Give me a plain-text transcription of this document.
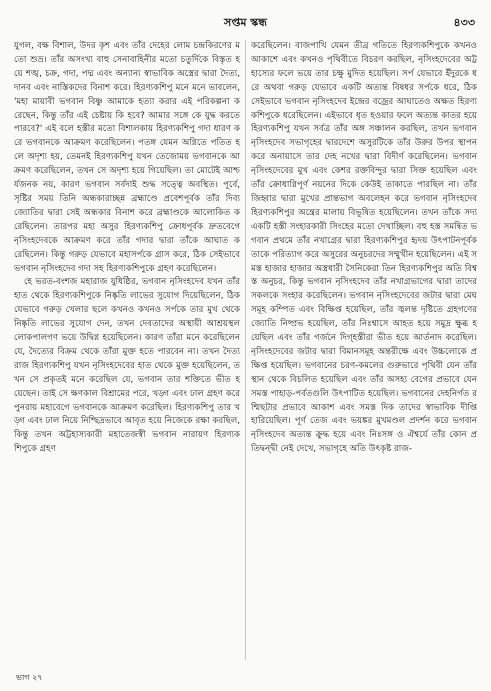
সপ্তম স্কন্ধ	৪৩৩

যুগল, বক্ষ বিশাল, উদর কৃশ এবং তাঁর দেহের লোম চন্দ্রকিরণের মতো শুভ্র। তাঁর অসংখ্য বাহু সেনাবাহিনীর মতো চতুর্দিকে বিস্তৃত হয়ে শঙ্খ, চক্র, গদা, পদ্ম এবং অন্যান্য স্বাভাবিক অস্ত্রের দ্বারা দৈত্য, দানব এবং নাস্তিকদের বিনাশ করে। হিরণ্যকশিপু মনে মনে ভাবলেন, 'মহা মায়াবী ভগবান বিষ্ণু আমাকে হত্যা করার এই পরিকল্পনা করেছেন, কিন্তু তাঁর এই চেষ্টায় কি হবে? আমার সঙ্গে কে যুদ্ধ করতে পারবে?' এই বলে হস্তীর মতো বিশালকায় হিরণ্যকশিপু গদা ধারণ করে ভগবানকে আক্রমণ করেছিলেন। পতঙ্গ যেমন অগ্নিতে পতিত হলে অদৃশ্য হয়, তেমনই হিরণ্যকশিপু যখন তেজোময় ভগবানকে আক্রমণ করেছিলেন, তখন সে অদৃশ্য হয়ে গিয়েছিল। তা মোটেই আশ্চর্যজনক নয়, কারণ ভগবান সর্বদাই শুদ্ধ সত্ত্বে অবস্থিত। পূর্বে, সৃষ্টির সময় তিনি অন্ধকারাচ্ছন্ন ব্রহ্মাণ্ডে প্রবেশপূর্বক তাঁর দিব্য জ্যোতির দ্বারা সেই অন্ধকার বিনাশ করে ব্রহ্মাণ্ডকে আলোকিত করেছিলেন। তারপর মহা অসুর হিরণ্যকশিপু ক্রোধপূর্বক দ্রুতবেগে নৃসিংহদেবকে আক্রমণ করে তাঁর গদার দ্বারা তাঁকে আঘাত করেছিলেন। কিন্তু গরুড় যেভাবে মহাসর্পকে গ্রাস করে, ঠিক সেইভাবে ভগবান নৃসিংহদেব গদা সহ হিরণ্যকশিপুকে গ্রহণ করেছিলেন।

হে ভরত-বংশজ মহারাজ যুধিষ্ঠির, ভগবান নৃসিংহদেব যখন তাঁর হাত থেকে হিরণ্যকশিপুকে নিষ্কৃতি লাভের সুযোগ দিয়েছিলেন, ঠিক যেভাবে গরুড় খেলার ছলে কখনও কখনও সর্পকে তার মুখ থেকে নিষ্কৃতি লাভের সুযোগ দেন, তখন দেবতাদের অস্থায়ী আশ্রয়স্থল লোকপালগণ ভয়ে উদ্বিগ্ন হয়েছিলেন। কারণ তাঁরা মনে করেছিলেন যে, দৈত্যের বিক্রম থেকে তাঁরা মুক্ত হতে পারবেন না। তখন দৈত্যরাজ হিরণ্যকশিপু যখন নৃসিংহদেবের হাত থেকে মুক্ত হয়েছিলেন, তখন সে প্রকৃতই মনে করেছিল যে, ভগবান তার শক্তিতে ভীত হয়েছেন। তাই সে ক্ষণকাল বিশ্রামের পরে, খড়্গ এবং ঢাল গ্রহণ করে পুনরায় মহাবেগে ভগবানকে আক্রমণ করেছিল। হিরণ্যকশিপু তার খড়্গ এবং ঢাল নিয়ে নিশ্ছিদ্রভাবে আবৃত হয়ে নিজেকে রক্ষা করছিল, কিন্তু তখন অট্টহাস্যকারী মহাতেজস্বী ভগবান নারায়ণ হিরণ্যকশিপুকে গ্রহণ

করেছিলেন। বাজপাখি যেমন তীব্র গতিতে হিরণ্যকশিপুকে কখনও আকাশে এবং কখনও পৃথিবীতে বিচরণ করছিল, নৃসিংহদেবের অট্টহাস্যের ফলে ভয়ে তার চক্ষু মুদিত হয়েছিল। সর্প যেভাবে ইঁদুরকে ধরে অথবা গরুড় যেভাবে একটি অত্যন্ত বিষধর সর্পকে ধরে, ঠিক সেইভাবে ভগবান নৃসিংহদেব ইন্দ্রের বজ্রের আঘাতেও অক্ষত হিরণ্যকশিপুকে ধরেছিলেন। এইভাবে ধৃত হওয়ার ফলে অত্যন্ত কাতর হয়ে হিরণ্যকশিপু যখন সর্বত্র তাঁর অঙ্গ সঞ্চালন করছিল, তখন ভগবান নৃসিংহদেব সভাগৃহের দ্বারদেশে অসুরটিকে তাঁর উরুর উপর স্থাপন করে অনায়াসে তার দেহ নখের দ্বারা বিদীর্ণ করেছিলেন। ভগবান নৃসিংহদেবের মুখ এবং কেশর রক্তবিন্দুর দ্বারা সিক্ত হয়েছিল এবং তাঁর ক্রোধাগ্নিপূর্ণ নয়নের দিকে কেউই তাকাতে পারছিল না। তাঁর জিহ্বার দ্বারা মুখের প্রান্তভাগ অবলেহন করে ভগবান নৃসিংহদেব হিরণ্যকশিপুর অন্ত্রের মালায় বিভূষিত হয়েছিলেন। তখন তাঁকে সদ্য একটি হস্তী সংহারকারী সিংহের মতো দেখাচ্ছিল। বহু হস্ত সমন্বিত ভগবান প্রথমে তাঁর নখাগ্রের দ্বারা হিরণ্যকশিপুর হৃদয় উৎপাটনপূর্বক তাকে পরিত্যাগ করে অসুরের অনুচরদের সম্মুখীন হয়েছিলেন। এই সমস্ত হাজার হাজার অস্ত্রধারী সৈনিকেরা তিন হিরণ্যকশিপুর অতি বিশ্বস্ত অনুচর, কিন্তু ভগবান নৃসিংহদেব তাঁর নখাগ্রভাগের দ্বারা তাদের সকলকে সংহার করেছিলেন। ভগবান নৃসিংহদেবের জটার দ্বারা মেঘসমূহ কম্পিত এবং বিক্ষিপ্ত হয়েছিল, তাঁর জ্বলন্ত দৃষ্টিতে গ্রহগণের জ্যোতি নিষ্প্রভ হয়েছিল, তাঁর নিঃশ্বাসে আহত হয়ে সমুদ্র ক্ষুব্ধ হয়েছিল এবং তাঁর গর্জনে দিগ্‌হস্তীরা ভীত হয়ে আর্তনাদ করেছিল। নৃসিংহদেবের জটার দ্বারা বিমানসমূহ অন্তরীক্ষে এবং উচ্চলোকে প্রক্ষিপ্ত হয়েছিল। ভগবানের চরণ-কমলের গুরুভারে পৃথিবী যেন তাঁর স্থান থেকে বিচলিত হয়েছিল এবং তাঁর অসহ্য বেগের প্রভাবে যেন সমস্ত পাহাড়-পর্বতগুলি উৎপাটিত হয়েছিল। ভগবানের দেহনির্গত রশ্মিছটার প্রভাবে আকাশ এবং সমস্ত দিক তাদের স্বাভাবিক দীপ্তি হারিয়েছিল। পূর্ণ তেজ এবং ভয়ঙ্কর মুখমণ্ডল প্রদর্শন করে ভগবান নৃসিংহদেব অত্যন্ত ক্রুদ্ধ হয়ে এবং নিঃসঙ্গ ও ঐশ্বর্যে তাঁর কোন প্রতিদ্বন্দ্বী নেই দেখে, সভাগৃহে অতি উৎকৃষ্ট রাজ-

ভাগ ২৭
